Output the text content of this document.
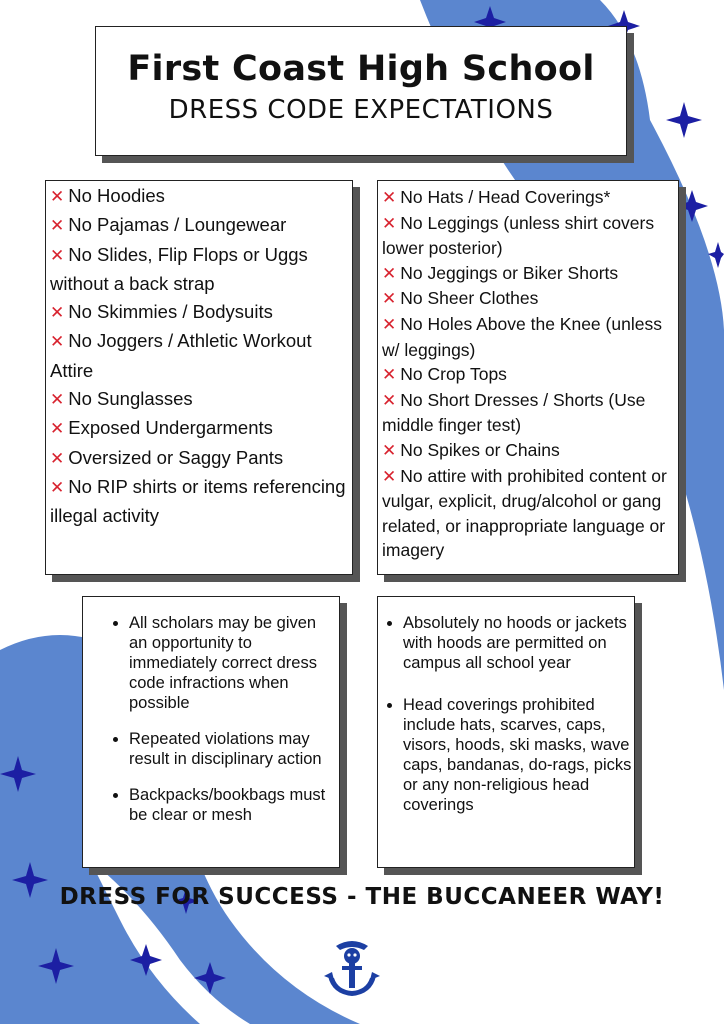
First Coast High School
DRESS CODE EXPECTATIONS
✕ No Hoodies
✕ No Pajamas / Loungewear
✕ No Slides, Flip Flops or Uggs without a back strap
✕ No Skimmies / Bodysuits
✕ No Joggers / Athletic Workout Attire
✕ No Sunglasses
✕ Exposed Undergarments
✕ Oversized or Saggy Pants
✕ No RIP shirts or items referencing illegal activity
✕ No Hats / Head Coverings*
✕ No Leggings (unless shirt covers lower posterior)
✕ No Jeggings or Biker Shorts
✕ No Sheer Clothes
✕ No Holes Above the Knee (unless w/ leggings)
✕ No Crop Tops
✕ No Short Dresses / Shorts (Use middle finger test)
✕ No Spikes or Chains
✕ No attire with prohibited content or vulgar, explicit, drug/alcohol or gang related, or inappropriate language or imagery
• All scholars may be given an opportunity to immediately correct dress code infractions when possible
• Repeated violations may result in disciplinary action
• Backpacks/bookbags must be clear or mesh
• Absolutely no hoods or jackets with hoods are permitted on campus all school year
• Head coverings prohibited include hats, scarves, caps, visors, hoods, ski masks, wave caps, bandanas, do-rags, picks or any non-religious head coverings
DRESS FOR SUCCESS - THE BUCCANEER WAY!
